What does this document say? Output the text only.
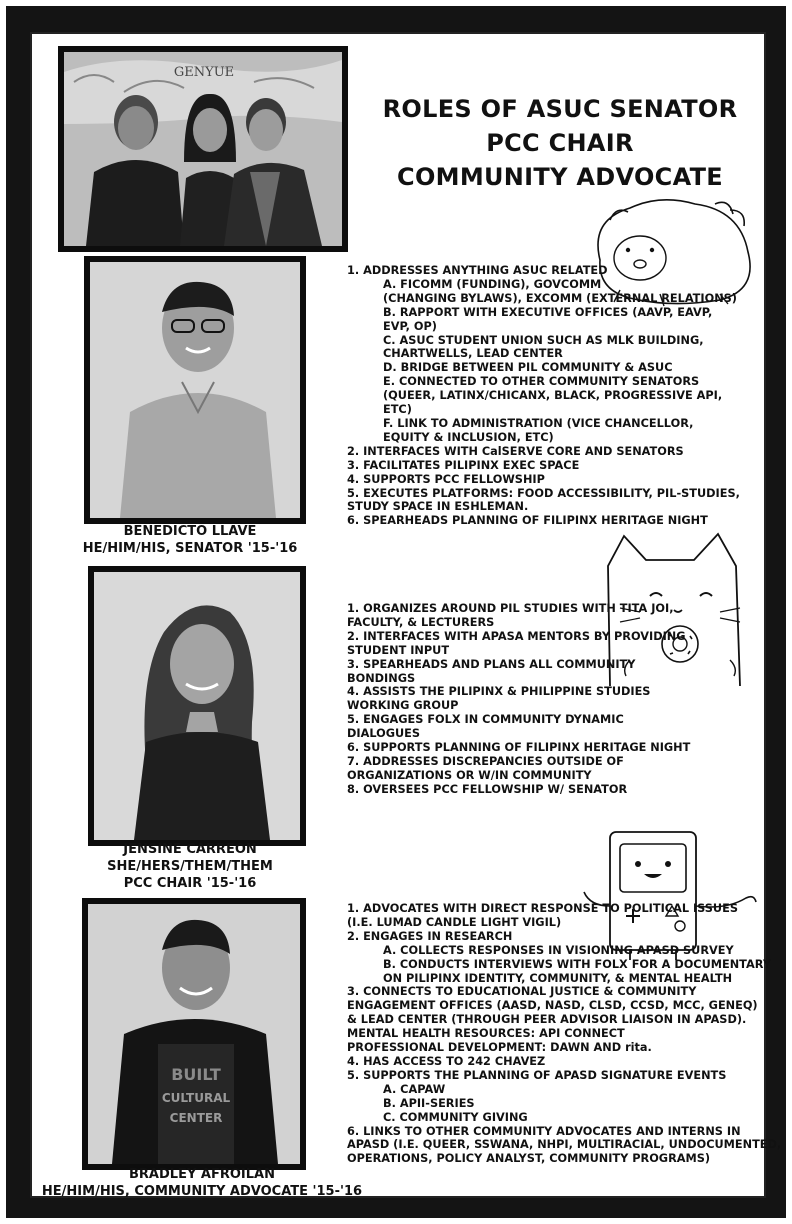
GENYUE
ROLES OF ASUC SENATOR
PCC CHAIR
COMMUNITY ADVOCATE
BENEDICTO LLAVE
HE/HIM/HIS, SENATOR '15-'16
1. ADDRESSES ANYTHING ASUC RELATED
A. FICOMM (FUNDING), GOVCOMM
(CHANGING BYLAWS), EXCOMM (EXTERNAL RELATIONS)
B. RAPPORT WITH EXECUTIVE OFFICES (AAVP, EAVP,
EVP, OP)
C. ASUC STUDENT UNION SUCH AS MLK BUILDING,
CHARTWELLS, LEAD CENTER
D. BRIDGE BETWEEN PIL COMMUNITY & ASUC
E. CONNECTED TO OTHER COMMUNITY SENATORS
(QUEER, LATINX/CHICANX, BLACK, PROGRESSIVE API,
ETC)
F. LINK TO ADMINISTRATION (VICE CHANCELLOR,
EQUITY & INCLUSION, ETC)
2. INTERFACES WITH CalSERVE CORE AND SENATORS
3. FACILITATES PILIPINX EXEC SPACE
4. SUPPORTS PCC FELLOWSHIP
5. EXECUTES PLATFORMS: FOOD ACCESSIBILITY, PIL-STUDIES,
STUDY SPACE IN ESHLEMAN.
6. SPEARHEADS PLANNING OF FILIPINX HERITAGE NIGHT
JENSINE CARREON
SHE/HERS/THEM/THEM
PCC CHAIR '15-'16
1. ORGANIZES AROUND PIL STUDIES WITH TITA JOI,
FACULTY, & LECTURERS
2. INTERFACES WITH APASA MENTORS BY PROVIDING
STUDENT INPUT
3. SPEARHEADS AND PLANS ALL COMMUNITY
BONDINGS
4. ASSISTS THE PILIPINX & PHILIPPINE STUDIES
WORKING GROUP
5. ENGAGES FOLX IN COMMUNITY DYNAMIC
DIALOGUES
6. SUPPORTS PLANNING OF FILIPINX HERITAGE NIGHT
7. ADDRESSES DISCREPANCIES OUTSIDE OF
ORGANIZATIONS OR W/IN COMMUNITY
8. OVERSEES PCC FELLOWSHIP W/ SENATOR
BUILT
CULTURAL
CENTER
BRADLEY AFROILAN
HE/HIM/HIS, COMMUNITY ADVOCATE '15-'16
1. ADVOCATES WITH DIRECT RESPONSE TO POLITICAL ISSUES
(I.E. LUMAD CANDLE LIGHT VIGIL)
2. ENGAGES IN RESEARCH
A. COLLECTS RESPONSES IN VISIONING APASD SURVEY
B. CONDUCTS INTERVIEWS WITH FOLX FOR A DOCUMENTARY
ON PILIPINX IDENTITY, COMMUNITY, & MENTAL HEALTH
3. CONNECTS TO EDUCATIONAL JUSTICE & COMMUNITY
ENGAGEMENT OFFICES (AASD, NASD, CLSD, CCSD, MCC, GENEQ)
& LEAD CENTER (THROUGH PEER ADVISOR LIAISON IN APASD).
MENTAL HEALTH RESOURCES: API CONNECT
PROFESSIONAL DEVELOPMENT: DAWN AND rita.
4. HAS ACCESS TO 242 CHAVEZ
5. SUPPORTS THE PLANNING OF APASD SIGNATURE EVENTS
A. CAPAW
B. APII-SERIES
C. COMMUNITY GIVING
6. LINKS TO OTHER COMMUNITY ADVOCATES AND INTERNS IN
APASD (I.E. QUEER, SSWANA, NHPI, MULTIRACIAL, UNDOCUMENTED,
OPERATIONS, POLICY ANALYST, COMMUNITY PROGRAMS)
